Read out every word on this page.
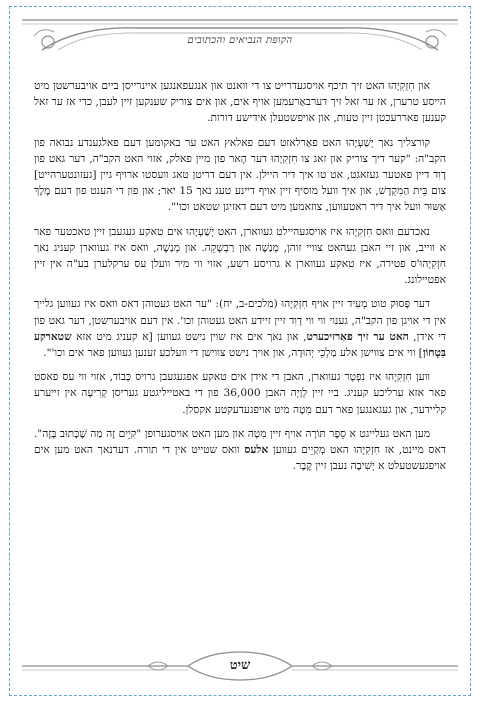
הקופת הנביאים והכתובים

און חִזְקִיָהוּ האט זיך תיכף אויסגעדרייט צו די וואנט און אנגעפאנגען איינרייסן ביים אויבערשטן מיט הייסע טרערן, אז ער זאל זיך דערבאַרעמען אויף אים, און אים צוריק שענקען זיין לעבן, כדי אז ער זאל קענען פאררעכטן זיין טעות, און אויפשטעלן אידישע דורות.

קורצליך נאך יְשַׁעְיָהוּ האט פאַרלאזט דעם פאלאץ האט ער באקומען דעם פאלגענדע נבואה פון הקב"ה: "קער דיך צוריק און זאג צו חִזְקִיָהוּ דער הֶאר פון מיין פאלק, אזוי האט הקב"ה, דער גאט פון דָוִד דיין פאטער געזאגט, אט טו איך דיר היילן. אין דעם דריטן טאג וועסטו ארויף גיין [געזונטערהייט] צום בֵּית הַמִקְדָשׁ, און איך וועל מוסיף זיין אויף דיינע טעג נאך 15 יאר; און פון די הענט פון דעם מֶלֶךְ אַשּוּר וועל איך דיר ראטעווען, צוזאמען מיט דעם דאזיגן שטאט וכו'".

נאכדעם וואס חִזְקִיָהוּ איז אויסגעהיילט געווארן, האט יְשַׁעְיָהוּ אים טאקע געגעבן זיין טאכטער פאר א ווייב, און זיי האבן געהאט צוויי זוהן, מְנַשֶׁה און רַבְשָקֵה. און מְנַשֶׁה, וואס איז געווארן קעניג נאך חִזְקִיָהוּ'ס פטירה, איז טאקע געווארן א גרויסע רשע, אזוי ווי מיר וועלן עס ערקלערן בע"ה אין זיין אפטיילונג.

דער פָּסוּק טוט מְעִיד זיין אויף חִזְקִיָהוּ (מלכים-ב, יח): "ער האט געטוהן דאס וואס איז געווען גלייך אין די אויגן פון הקב"ה, גענוי ווי ווי דָוִד זיין זיידע האט געטוהן וכו'. אין דעם אויבערשטן, דער גאט פון די אידן, האט ער זיך פאַרזיכערט, און נאך אים איז שוין נישט געווען [א קעניג מיט אזא שטארקע בִּטָחוֹן] ווי אים צווישן אלע מַלְכֵי יְהוּדָה, און אויך נישט צווישן די וועלכע זענען געווען פאר אים וכו'".

ווען חִזְקִיָהוּ איז נִפְטָר געווארן, האבן די אידן אים טאקע אפגעגעבן גרויס כָּבוֹד, אזוי ווי עס פאסט פאר אזא ערליכע קעניג. ביי זיין לְוָיָה האבן 36,000 פון די באטייליגטע געריסן קְרִיעָה אין זייערע קליידער, און געגאנגען פאר דעם מִטָה מיט אויפגעדעקטע אקסלן.

מען האט געלייגט א סֵפֶר תּוֹרָה אויף זיין מִטָה און מען האט אויסגערופן "קִיֵים זֶה מַה שֶׁכָּתוּב בָּזֶה". דאס מיינט, אז חִזְקִיָהוּ האט מְקַיֵים געווען אלעס וואס שטייט אין די תורה. דערנאך האט מען אים אויפגעשטעלט א יְשִׁיבָה נעבן זיין קֶבֶר.

שיט
